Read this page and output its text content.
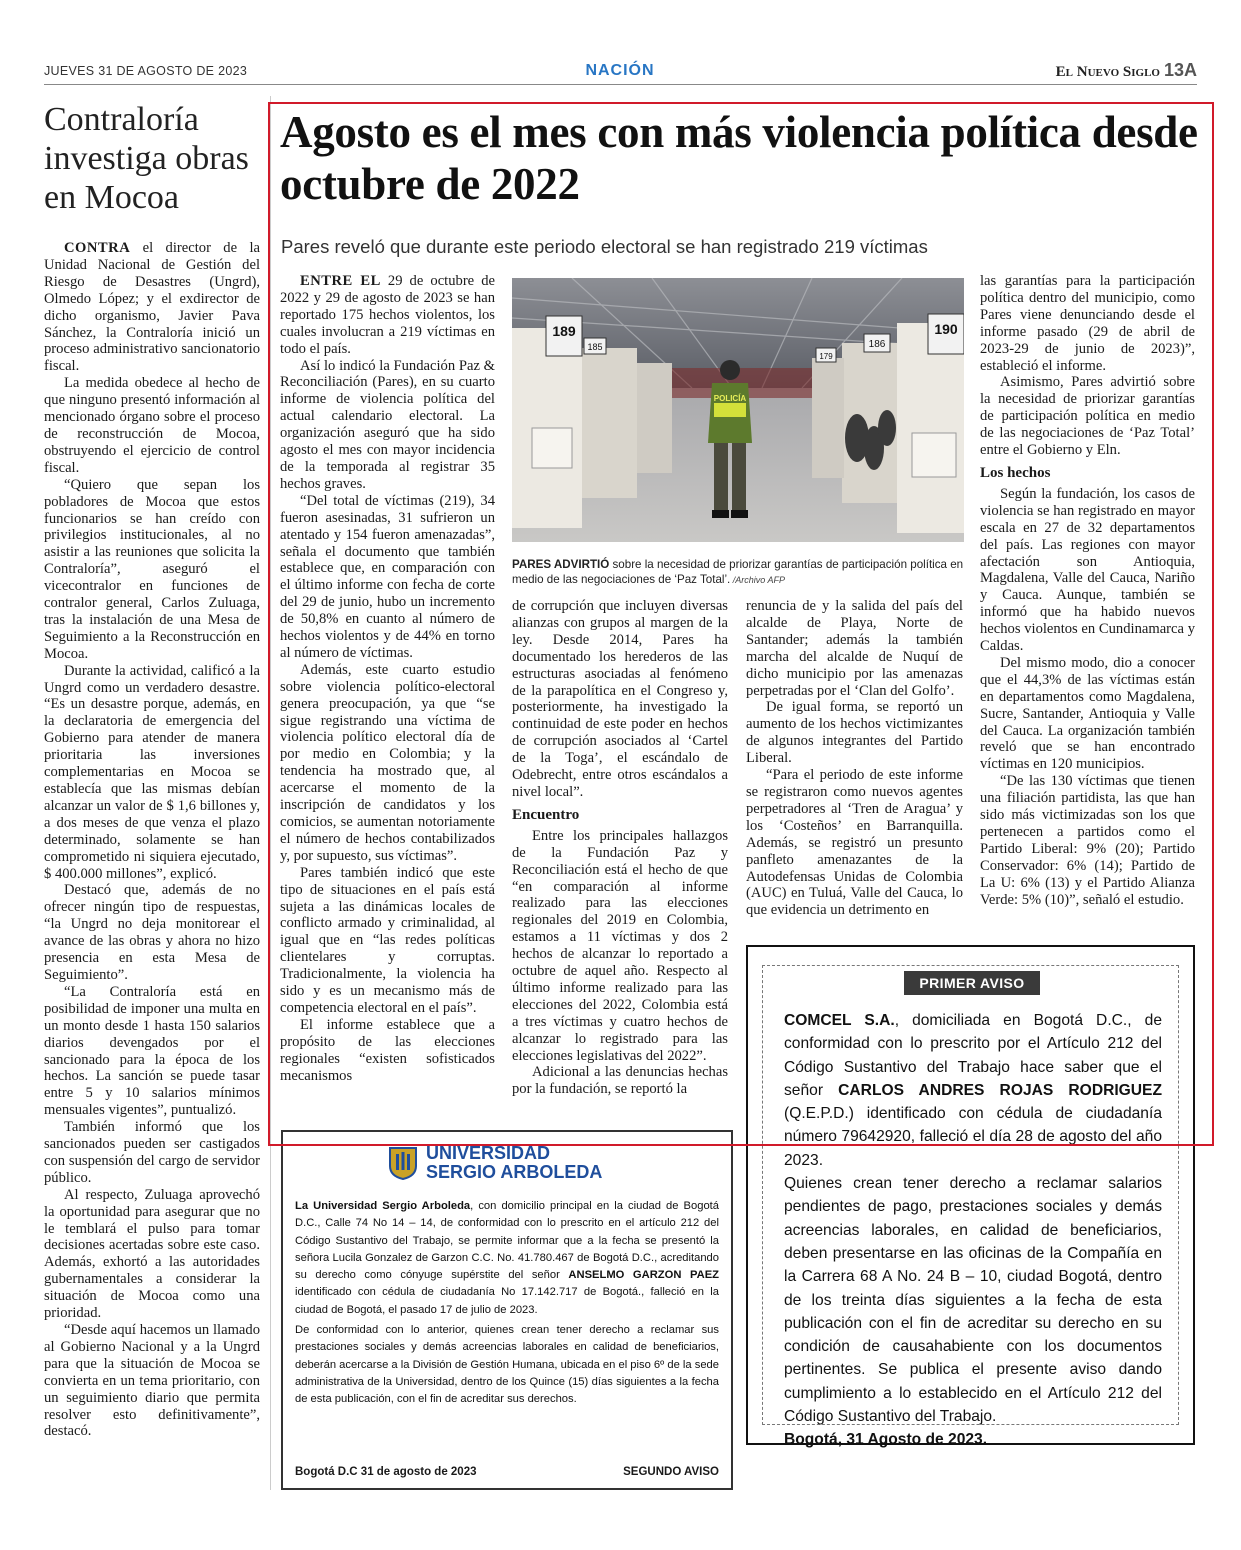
JUEVES 31 DE AGOSTO DE 2023	NACIÓN	El Nuevo Siglo 13A
Contraloría investiga obras en Mocoa

CONTRA el director de la Unidad Nacional de Gestión del Riesgo de Desastres (Ungrd), Olmedo López; y el exdirector de dicho organismo, Javier Pava Sánchez, la Contraloría inició un proceso administrativo sancionatorio fiscal.

La medida obedece al hecho de que ninguno presentó información al mencionado órgano sobre el proceso de reconstrucción de Mocoa, obstruyendo el ejercicio de control fiscal.

“Quiero que sepan los pobladores de Mocoa que estos funcionarios se han creído con privilegios institucionales, al no asistir a las reuniones que solicita la Contraloría”, aseguró el vicecontralor en funciones de contralor general, Carlos Zuluaga, tras la instalación de una Mesa de Seguimiento a la Reconstrucción en Mocoa.

Durante la actividad, calificó a la Ungrd como un verdadero desastre. “Es un desastre porque, además, en la declaratoria de emergencia del Gobierno para atender de manera prioritaria las inversiones complementarias en Mocoa se establecía que las mismas debían alcanzar un valor de $ 1,6 billones y, a dos meses de que venza el plazo determinado, solamente se han comprometido ni siquiera ejecutado, $ 400.000 millones”, explicó.

Destacó que, además de no ofrecer ningún tipo de respuestas, “la Ungrd no deja monitorear el avance de las obras y ahora no hizo presencia en esta Mesa de Seguimiento”.

“La Contraloría está en posibilidad de imponer una multa en un monto desde 1 hasta 150 salarios diarios devengados por el sancionado para la época de los hechos. La sanción se puede tasar entre 5 y 10 salarios mínimos mensuales vigentes”, puntualizó.

También informó que los sancionados pueden ser castigados con suspensión del cargo de servidor público.

Al respecto, Zuluaga aprovechó la oportunidad para asegurar que no le temblará el pulso para tomar decisiones acertadas sobre este caso. Además, exhortó a las autoridades gubernamentales a considerar la situación de Mocoa como una prioridad.

“Desde aquí hacemos un llamado al Gobierno Nacional y a la Ungrd para que la situación de Mocoa se convierta en un tema prioritario, con un seguimiento diario que permita resolver esto definitivamente”, destacó.

Agosto es el mes con más violencia política desde octubre de 2022
Pares reveló que durante este periodo electoral se han registrado 219 víctimas

ENTRE EL 29 de octubre de 2022 y 29 de agosto de 2023 se han reportado 175 hechos violentos, los cuales involucran a 219 víctimas en todo el país.

Así lo indicó la Fundación Paz & Reconciliación (Pares), en su cuarto informe de violencia política del actual calendario electoral. La organización aseguró que ha sido agosto el mes con mayor incidencia de la temporada al registrar 35 hechos graves.

“Del total de víctimas (219), 34 fueron asesinadas, 31 sufrieron un atentado y 154 fueron amenazadas”, señala el documento que también establece que, en comparación con el último informe con fecha de corte del 29 de junio, hubo un incremento de 50,8% en cuanto al número de hechos violentos y de 44% en torno al número de víctimas.

Además, este cuarto estudio sobre violencia político-electoral genera preocupación, ya que “se sigue registrando una víctima de violencia político electoral día de por medio en Colombia; y la tendencia ha mostrado que, al acercarse el momento de la inscripción de candidatos y los comicios, se aumentan notoriamente el número de hechos contabilizados y, por supuesto, sus víctimas”.

Pares también indicó que este tipo de situaciones en el país está sujeta a las dinámicas locales de conflicto armado y criminalidad, al igual que en “las redes políticas clientelares y corruptas. Tradicionalmente, la violencia ha sido y es un mecanismo más de competencia electoral en el país”.

El informe establece que a propósito de las elecciones regionales “existen sofisticados mecanismos

189	190
186
185
179
POLICÍA
PARES ADVIRTIÓ sobre la necesidad de priorizar garantías de participación política en medio de las negociaciones de ‘Paz Total’. /Archivo AFP

de corrupción que incluyen diversas alianzas con grupos al margen de la ley. Desde 2014, Pares ha documentado los herederos de las estructuras asociadas al fenómeno de la parapolítica en el Congreso y, posteriormente, ha investigado la continuidad de este poder en hechos de corrupción asociados al ‘Cartel de la Toga’, el escándalo de Odebrecht, entre otros escándalos a nivel local”.

Encuentro

Entre los principales hallazgos de la Fundación Paz y Reconciliación está el hecho de que “en comparación al informe realizado para las elecciones regionales del 2019 en Colombia, estamos a 11 víctimas y dos 2 hechos de alcanzar lo reportado a octubre de aquel año. Respecto al último informe realizado para las elecciones del 2022, Colombia está a tres víctimas y cuatro hechos de alcanzar lo registrado para las elecciones legislativas del 2022”.

Adicional a las denuncias hechas por la fundación, se reportó la

renuncia de y la salida del país del alcalde de Playa, Norte de Santander; además la también marcha del alcalde de Nuquí de dicho municipio por las amenazas perpetradas por el ‘Clan del Golfo’.

De igual forma, se reportó un aumento de los hechos victimizantes de algunos integrantes del Partido Liberal.

“Para el periodo de este informe se registraron como nuevos agentes perpetradores al ‘Tren de Aragua’ y los ‘Costeños’ en Barranquilla. Además, se registró un presunto panfleto amenazantes de la Autodefensas Unidas de Colombia (AUC) en Tuluá, Valle del Cauca, lo que evidencia un detrimento en

las garantías para la participación política dentro del municipio, como Pares viene denunciando desde el informe pasado (29 de abril de 2023-29 de junio de 2023)”, estableció el informe.

Asimismo, Pares advirtió sobre la necesidad de priorizar garantías de participación política en medio de las negociaciones de ‘Paz Total’ entre el Gobierno y Eln.

Los hechos

Según la fundación, los casos de violencia se han registrado en mayor escala en 27 de 32 departamentos del país. Las regiones con mayor afectación son Antioquia, Magdalena, Valle del Cauca, Nariño y Cauca. Aunque, también se informó que ha habido nuevos hechos violentos en Cundinamarca y Caldas.

Del mismo modo, dio a conocer que el 44,3% de las víctimas están en departamentos como Magdalena, Sucre, Santander, Antioquia y Valle del Cauca. La organización también reveló que se han encontrado víctimas en 120 municipios.

“De las 130 víctimas que tienen una filiación partidista, las que han sido más victimizadas son los que pertenecen a partidos como el Partido Liberal: 9% (20); Partido Conservador: 6% (14); Partido de La U: 6% (13) y el Partido Alianza Verde: 5% (10)”, señaló el estudio.

UNIVERSIDAD
SERGIO ARBOLEDA

La Universidad Sergio Arboleda, con domicilio principal en la ciudad de Bogotá D.C., Calle 74 No 14 – 14, de conformidad con lo prescrito en el artículo 212 del Código Sustantivo del Trabajo, se permite informar que a la fecha se presentó la señora Lucila Gonzalez de Garzon C.C. No. 41.780.467 de Bogotá D.C., acreditando su derecho como cónyuge supérstite del señor ANSELMO GARZON PAEZ identificado con cédula de ciudadanía No 17.142.717 de Bogotá., falleció en la ciudad de Bogotá, el pasado 17 de julio de 2023.

De conformidad con lo anterior, quienes crean tener derecho a reclamar sus prestaciones sociales y demás acreencias laborales en calidad de beneficiarios, deberán acercarse a la División de Gestión Humana, ubicada en el piso 6º de la sede administrativa de la Universidad, dentro de los Quince (15) días siguientes a la fecha de esta publicación, con el fin de acreditar sus derechos.

Bogotá D.C 31 de agosto de 2023	SEGUNDO AVISO
PRIMER AVISO

COMCEL S.A., domiciliada en Bogotá D.C., de conformidad con lo prescrito por el Artículo 212 del Código Sustantivo del Trabajo hace saber que el señor CARLOS ANDRES ROJAS RODRIGUEZ (Q.E.P.D.) identificado con cédula de ciudadanía número 79642920, falleció el día 28 de agosto del año 2023.

Quienes crean tener derecho a reclamar salarios pendientes de pago, prestaciones sociales y demás acreencias laborales, en calidad de beneficiarios, deben presentarse en las oficinas de la Compañía en la Carrera 68 A No. 24 B – 10, ciudad Bogotá, dentro de los treinta días siguientes a la fecha de esta publicación con el fin de acreditar su derecho en su condición de causahabiente con los documentos pertinentes. Se publica el presente aviso dando cumplimiento a lo establecido en el Artículo 212 del Código Sustantivo del Trabajo.

Bogotá, 31 Agosto de 2023.
